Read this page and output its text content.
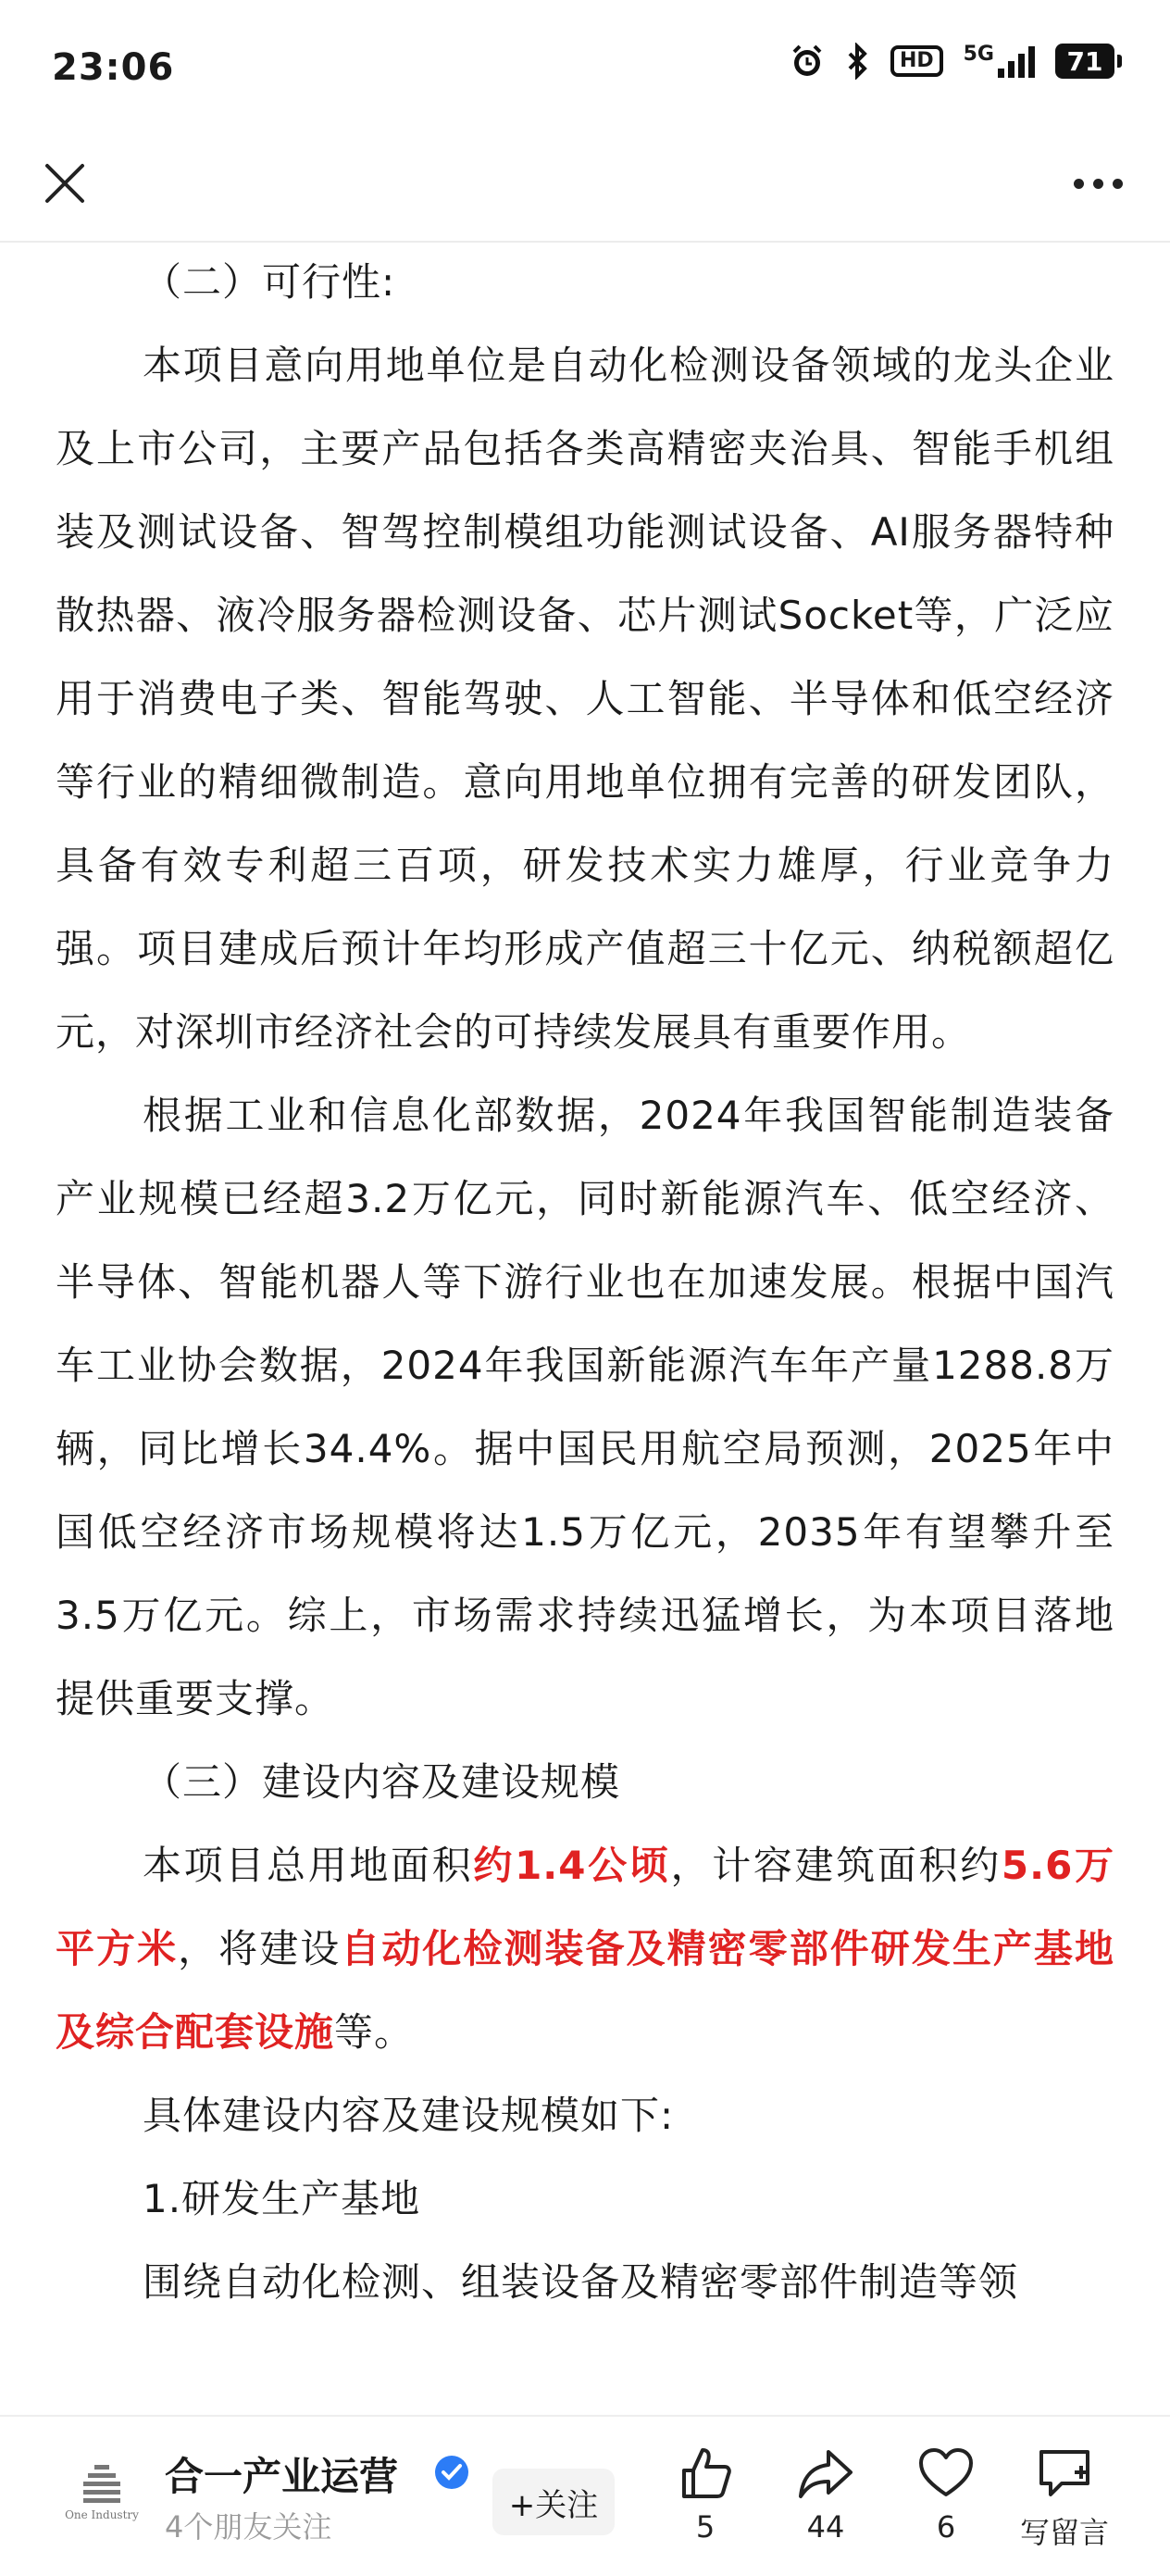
23:06	HD	5G	71

（二）可行性:

本项目意向用地单位是自动化检测设备领域的龙头企业及上市公司，主要产品包括各类高精密夹治具、智能手机组装及测试设备、智驾控制模组功能测试设备、AI服务器特种散热器、液冷服务器检测设备、芯片测试Socket等，广泛应用于消费电子类、智能驾驶、人工智能、半导体和低空经济等行业的精细微制造。意向用地单位拥有完善的研发团队，具备有效专利超三百项，研发技术实力雄厚，行业竞争力强。项目建成后预计年均形成产值超三十亿元、纳税额超亿元，对深圳市经济社会的可持续发展具有重要作用。

根据工业和信息化部数据，2024年我国智能制造装备产业规模已经超3.2万亿元，同时新能源汽车、低空经济、半导体、智能机器人等下游行业也在加速发展。根据中国汽车工业协会数据，2024年我国新能源汽车年产量1288.8万辆，同比增长34.4%。据中国民用航空局预测，2025年中国低空经济市场规模将达1.5万亿元，2035年有望攀升至3.5万亿元。综上，市场需求持续迅猛增长，为本项目落地提供重要支撑。

（三）建设内容及建设规模

本项目总用地面积约1.4公顷，计容建筑面积约5.6万平方米，将建设自动化检测装备及精密零部件研发生产基地及综合配套设施等。

具体建设内容及建设规模如下:

1.研发生产基地

围绕自动化检测、组装设备及精密零部件制造等领

One Industry
合一产业运营
4个朋友关注
+关注
5	44	6	写留言
